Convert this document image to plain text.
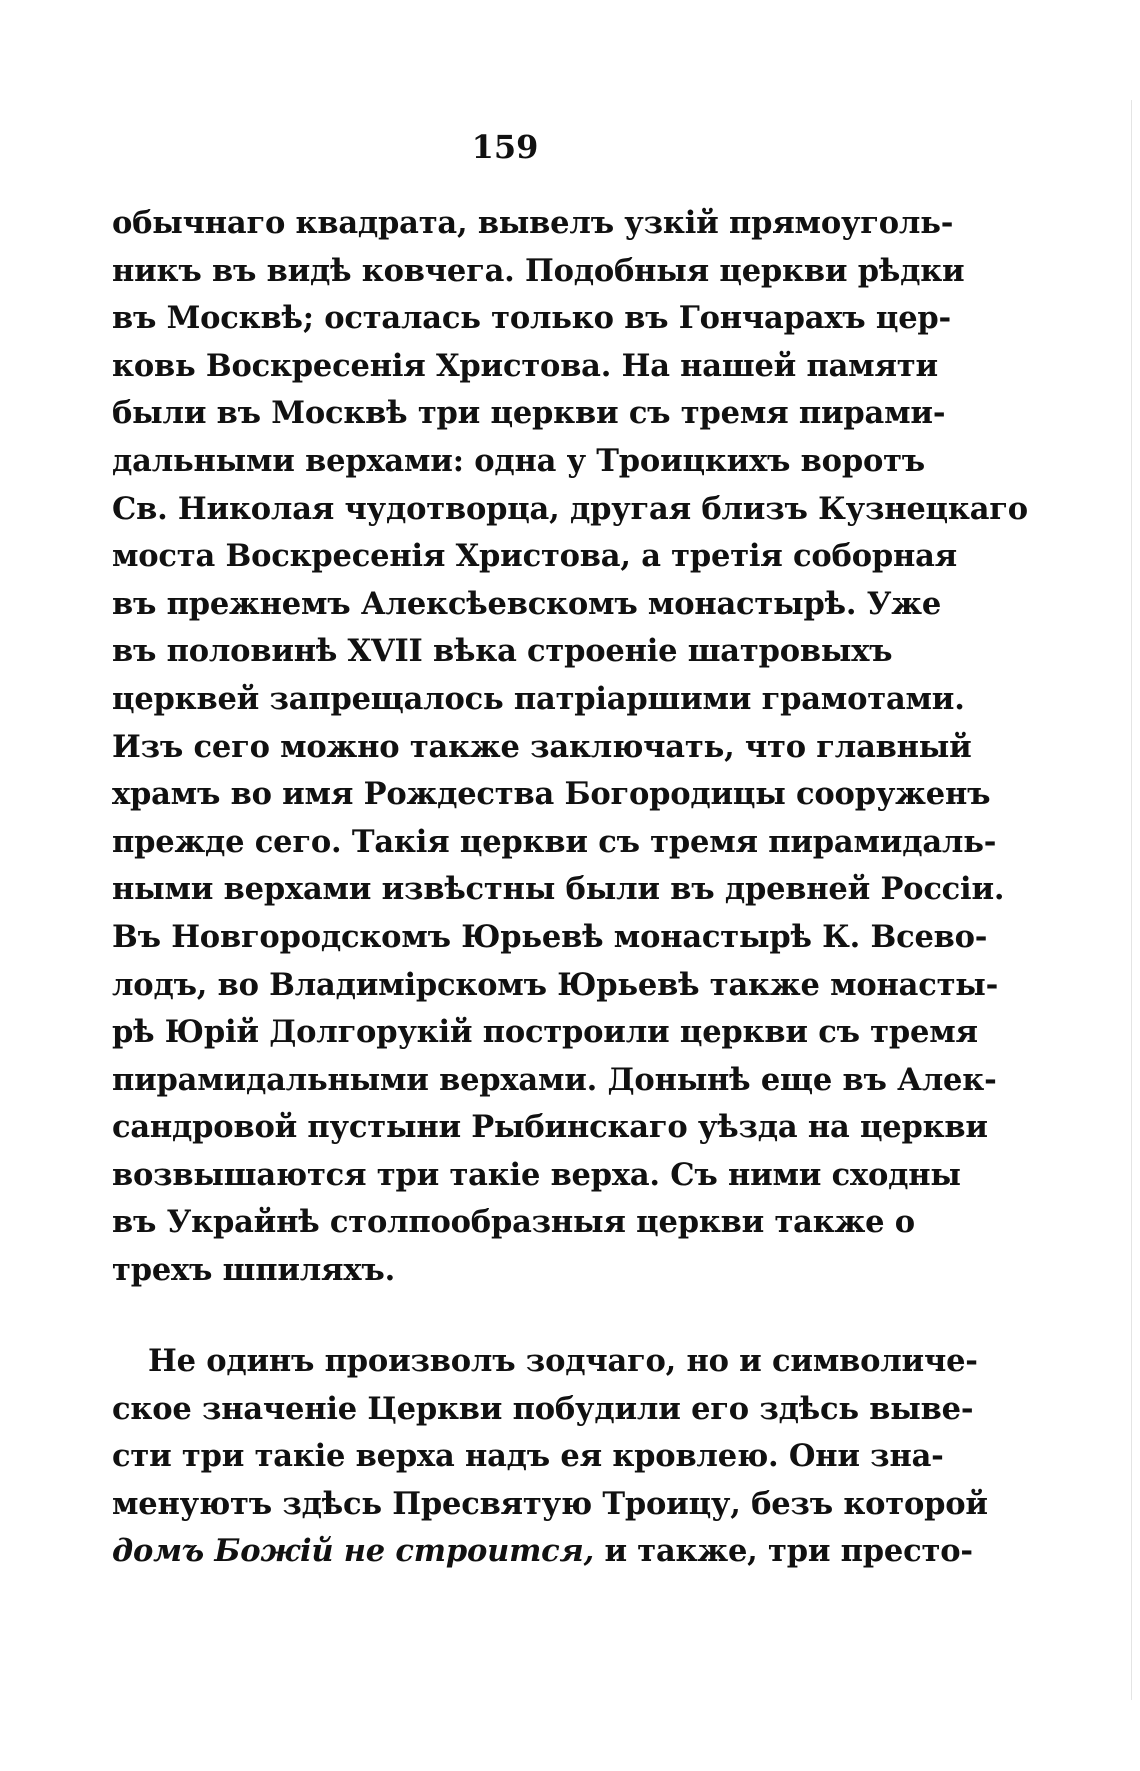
159
обычнаго квадрата, вывелъ узкій прямоуголь-
никъ въ видѣ ковчега. Подобныя церкви рѣдки
въ Москвѣ; осталась только въ Гончарахъ цер-
ковь Воскресенія Христова. На нашей памяти
были въ Москвѣ три церкви съ тремя пирами-
дальными верхами: одна у Троицкихъ воротъ
Св. Николая чудотворца, другая близъ Кузнецкаго
моста Воскресенія Христова, а третія соборная
въ прежнемъ Алексѣевскомъ монастырѣ. Уже
въ половинѣ XVII вѣка строеніе шатровыхъ
церквей запрещалось патріаршими грамотами.
Изъ сего можно также заключать, что главный
храмъ во имя Рождества Богородицы сооруженъ
прежде сего. Такія церкви съ тремя пирамидаль-
ными верхами извѣстны были въ древней Россіи.
Въ Новгородскомъ Юрьевѣ монастырѣ К. Всево-
лодъ, во Владимірскомъ Юрьевѣ также монасты-
рѣ Юрій Долгорукій построили церкви съ тремя
пирамидальными верхами. Донынѣ еще въ Алек-
сандровой пустыни Рыбинскаго уѣзда на церкви
возвышаются три такіе верха. Съ ними сходны
въ Украйнѣ столпообразныя церкви также о
трехъ шпиляхъ.
Не одинъ произволъ зодчаго, но и символиче-
ское значеніе Церкви побудили его здѣсь выве-
сти три такіе верха надъ ея кровлею. Они зна-
менуютъ здѣсь Пресвятую Троицу, безъ которой
домъ Божій не строится, и также, три престо-
